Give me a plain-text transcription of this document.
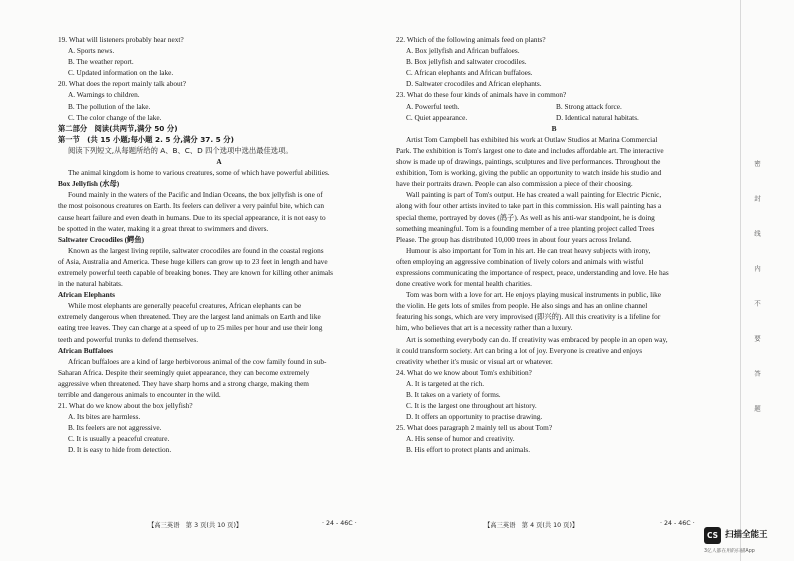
19. What will listeners probably hear next?
A. Sports news.
B. The weather report.
C. Updated information on the lake.
20. What does the report mainly talk about?
A. Warnings to children.
B. The pollution of the lake.
C. The color change of the lake.
第二部分　阅读(共两节,满分 50 分)
第一节　(共 15 小题;每小题 2. 5 分,满分 37. 5 分)
阅读下列短文,从每题所给的 A、B、C、D 四个选项中选出最佳选项。
A
The animal kingdom is home to various creatures, some of which have powerful abilities.
Box Jellyfish (水母)
Found mainly in the waters of the Pacific and Indian Oceans, the box jellyfish is one of
the most poisonous creatures on Earth. Its feelers can deliver a very painful bite, which can
cause heart failure and even death in humans. Due to its special appearance, it is not easy to
be spotted in the water, making it a great threat to swimmers and divers.
Saltwater Crocodiles (鳄鱼)
Known as the largest living reptile, saltwater crocodiles are found in the coastal regions
of Asia, Australia and America. These huge killers can grow up to 23 feet in length and have
extremely powerful teeth capable of breaking bones. They are known for killing other animals
in the natural habitats.
African Elephants
While most elephants are generally peaceful creatures, African elephants can be
extremely dangerous when threatened. They are the largest land animals on Earth and like
eating tree leaves. They can charge at a speed of up to 25 miles per hour and use their long
teeth and powerful trunks to defend themselves.
African Buffaloes
African buffaloes are a kind of large herbivorous animal of the cow family found in sub-
Saharan Africa. Despite their seemingly quiet appearance, they can become extremely
aggressive when threatened. They have sharp horns and a strong charge, making them
terrible and dangerous animals to encounter in the wild.
21. What do we know about the box jellyfish?
A. Its bites are harmless.
B. Its feelers are not aggressive.
C. It is usually a peaceful creature.
D. It is easy to hide from detection.
【高三英语　第 3 页(共 10 页)】	· 24 - 46C ·
22. Which of the following animals feed on plants?
A. Box jellyfish and African buffaloes.
B. Box jellyfish and saltwater crocodiles.
C. African elephants and African buffaloes.
D. Saltwater crocodiles and African elephants.
23. What do these four kinds of animals have in common?
A. Powerful teeth.	B. Strong attack force.
C. Quiet appearance.	D. Identical natural habitats.
B
Artist Tom Campbell has exhibited his work at Outlaw Studios at Marina Commercial
Park. The exhibition is Tom's largest one to date and includes affordable art. The interactive
show is made up of drawings, paintings, sculptures and live performances. Throughout the
exhibition, Tom is working, giving the public an opportunity to watch inside his studio and
have their portraits drawn. People can also commission a piece of their choosing.
Wall painting is part of Tom's output. He has created a wall painting for Electric Picnic,
along with four other artists invited to take part in this commission. His wall painting has a
special theme, portrayed by doves (鸽子). As well as his anti-war standpoint, he is doing
something meaningful. Tom is a founding member of a tree planting project called Trees
Please. The group has distributed 10,000 trees in about four years across Ireland.
Humour is also important for Tom in his art. He can treat heavy subjects with irony,
often employing an aggressive combination of lively colors and animals with wistful
expressions communicating the importance of respect, peace, understanding and love. He has
done creative work for mental health charities.
Tom was born with a love for art. He enjoys playing musical instruments in public, like
the violin. He gets lots of smiles from people. He also sings and has an online channel
featuring his songs, which are very improvised (即兴的). All this creativity is a lifeline for
him, who believes that art is a necessity rather than a luxury.
Art is something everybody can do. If creativity was embraced by people in an open way,
it could transform society. Art can bring a lot of joy. Everyone is creative and enjoys
creativity whether it's music or visual art or whatever.
24. What do we know about Tom's exhibition?
A. It is targeted at the rich.
B. It takes on a variety of forms.
C. It is the largest one throughout art history.
D. It offers an opportunity to practise drawing.
25. What does paragraph 2 mainly tell us about Tom?
A. His sense of humor and creativity.
B. His effort to protect plants and animals.
【高三英语　第 4 页(共 10 页)】	· 24 - 46C ·
密　封　线　内　不　要　答　题
CS 扫描全能王
3亿人都在用的扫描App
